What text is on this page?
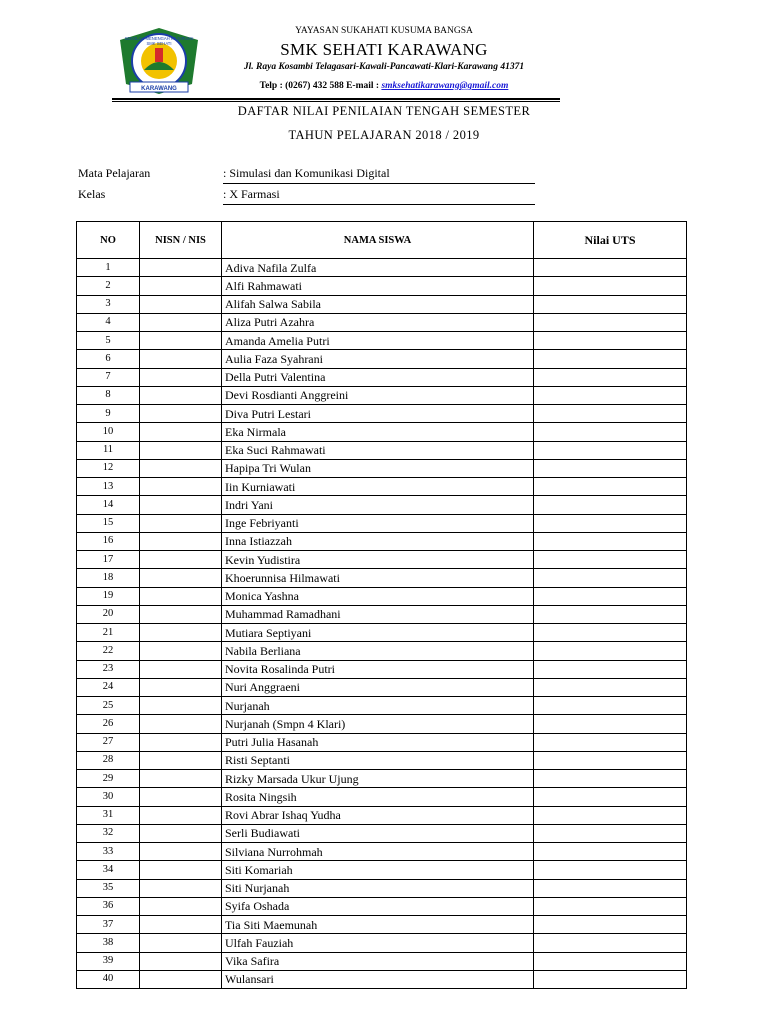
KARAWANG
SEKOLAH MENENGAH KEJURUAN
SMK SEHATI
YAYASAN SUKAHATI KUSUMA BANGSA
SMK SEHATI KARAWANG
Jl. Raya Kosambi Telagasari-Kawali-Pancawati-Klari-Karawang 41371
Telp : (0267) 432 588 E-mail : smksehatikarawang@gmail.com
DAFTAR NILAI PENILAIAN TENGAH SEMESTER
TAHUN PELAJARAN 2018 / 2019
Mata Pelajaran	: Simulasi dan Komunikasi Digital
Kelas	: X Farmasi
NO	NISN / NIS	NAMA SISWA	Nilai UTS
1		Adiva Nafila Zulfa	
2		Alfi Rahmawati	
3		Alifah Salwa Sabila	
4		Aliza Putri Azahra	
5		Amanda Amelia Putri	
6		Aulia Faza Syahrani	
7		Della Putri Valentina	
8		Devi Rosdianti Anggreini	
9		Diva Putri Lestari	
10		Eka Nirmala	
11		Eka Suci Rahmawati	
12		Hapipa Tri Wulan	
13		Iin Kurniawati	
14		Indri Yani	
15		Inge Febriyanti	
16		Inna Istiazzah	
17		Kevin Yudistira	
18		Khoerunnisa Hilmawati	
19		Monica Yashna	
20		Muhammad Ramadhani	
21		Mutiara Septiyani	
22		Nabila Berliana	
23		Novita Rosalinda Putri	
24		Nuri Anggraeni	
25		Nurjanah	
26		Nurjanah (Smpn 4 Klari)	
27		Putri Julia Hasanah	
28		Risti Septanti	
29		Rizky Marsada Ukur Ujung	
30		Rosita Ningsih	
31		Rovi Abrar Ishaq Yudha	
32		Serli Budiawati	
33		Silviana Nurrohmah	
34		Siti Komariah	
35		Siti Nurjanah	
36		Syifa Oshada	
37		Tia Siti Maemunah	
38		Ulfah Fauziah	
39		Vika Safira	
40		Wulansari	
